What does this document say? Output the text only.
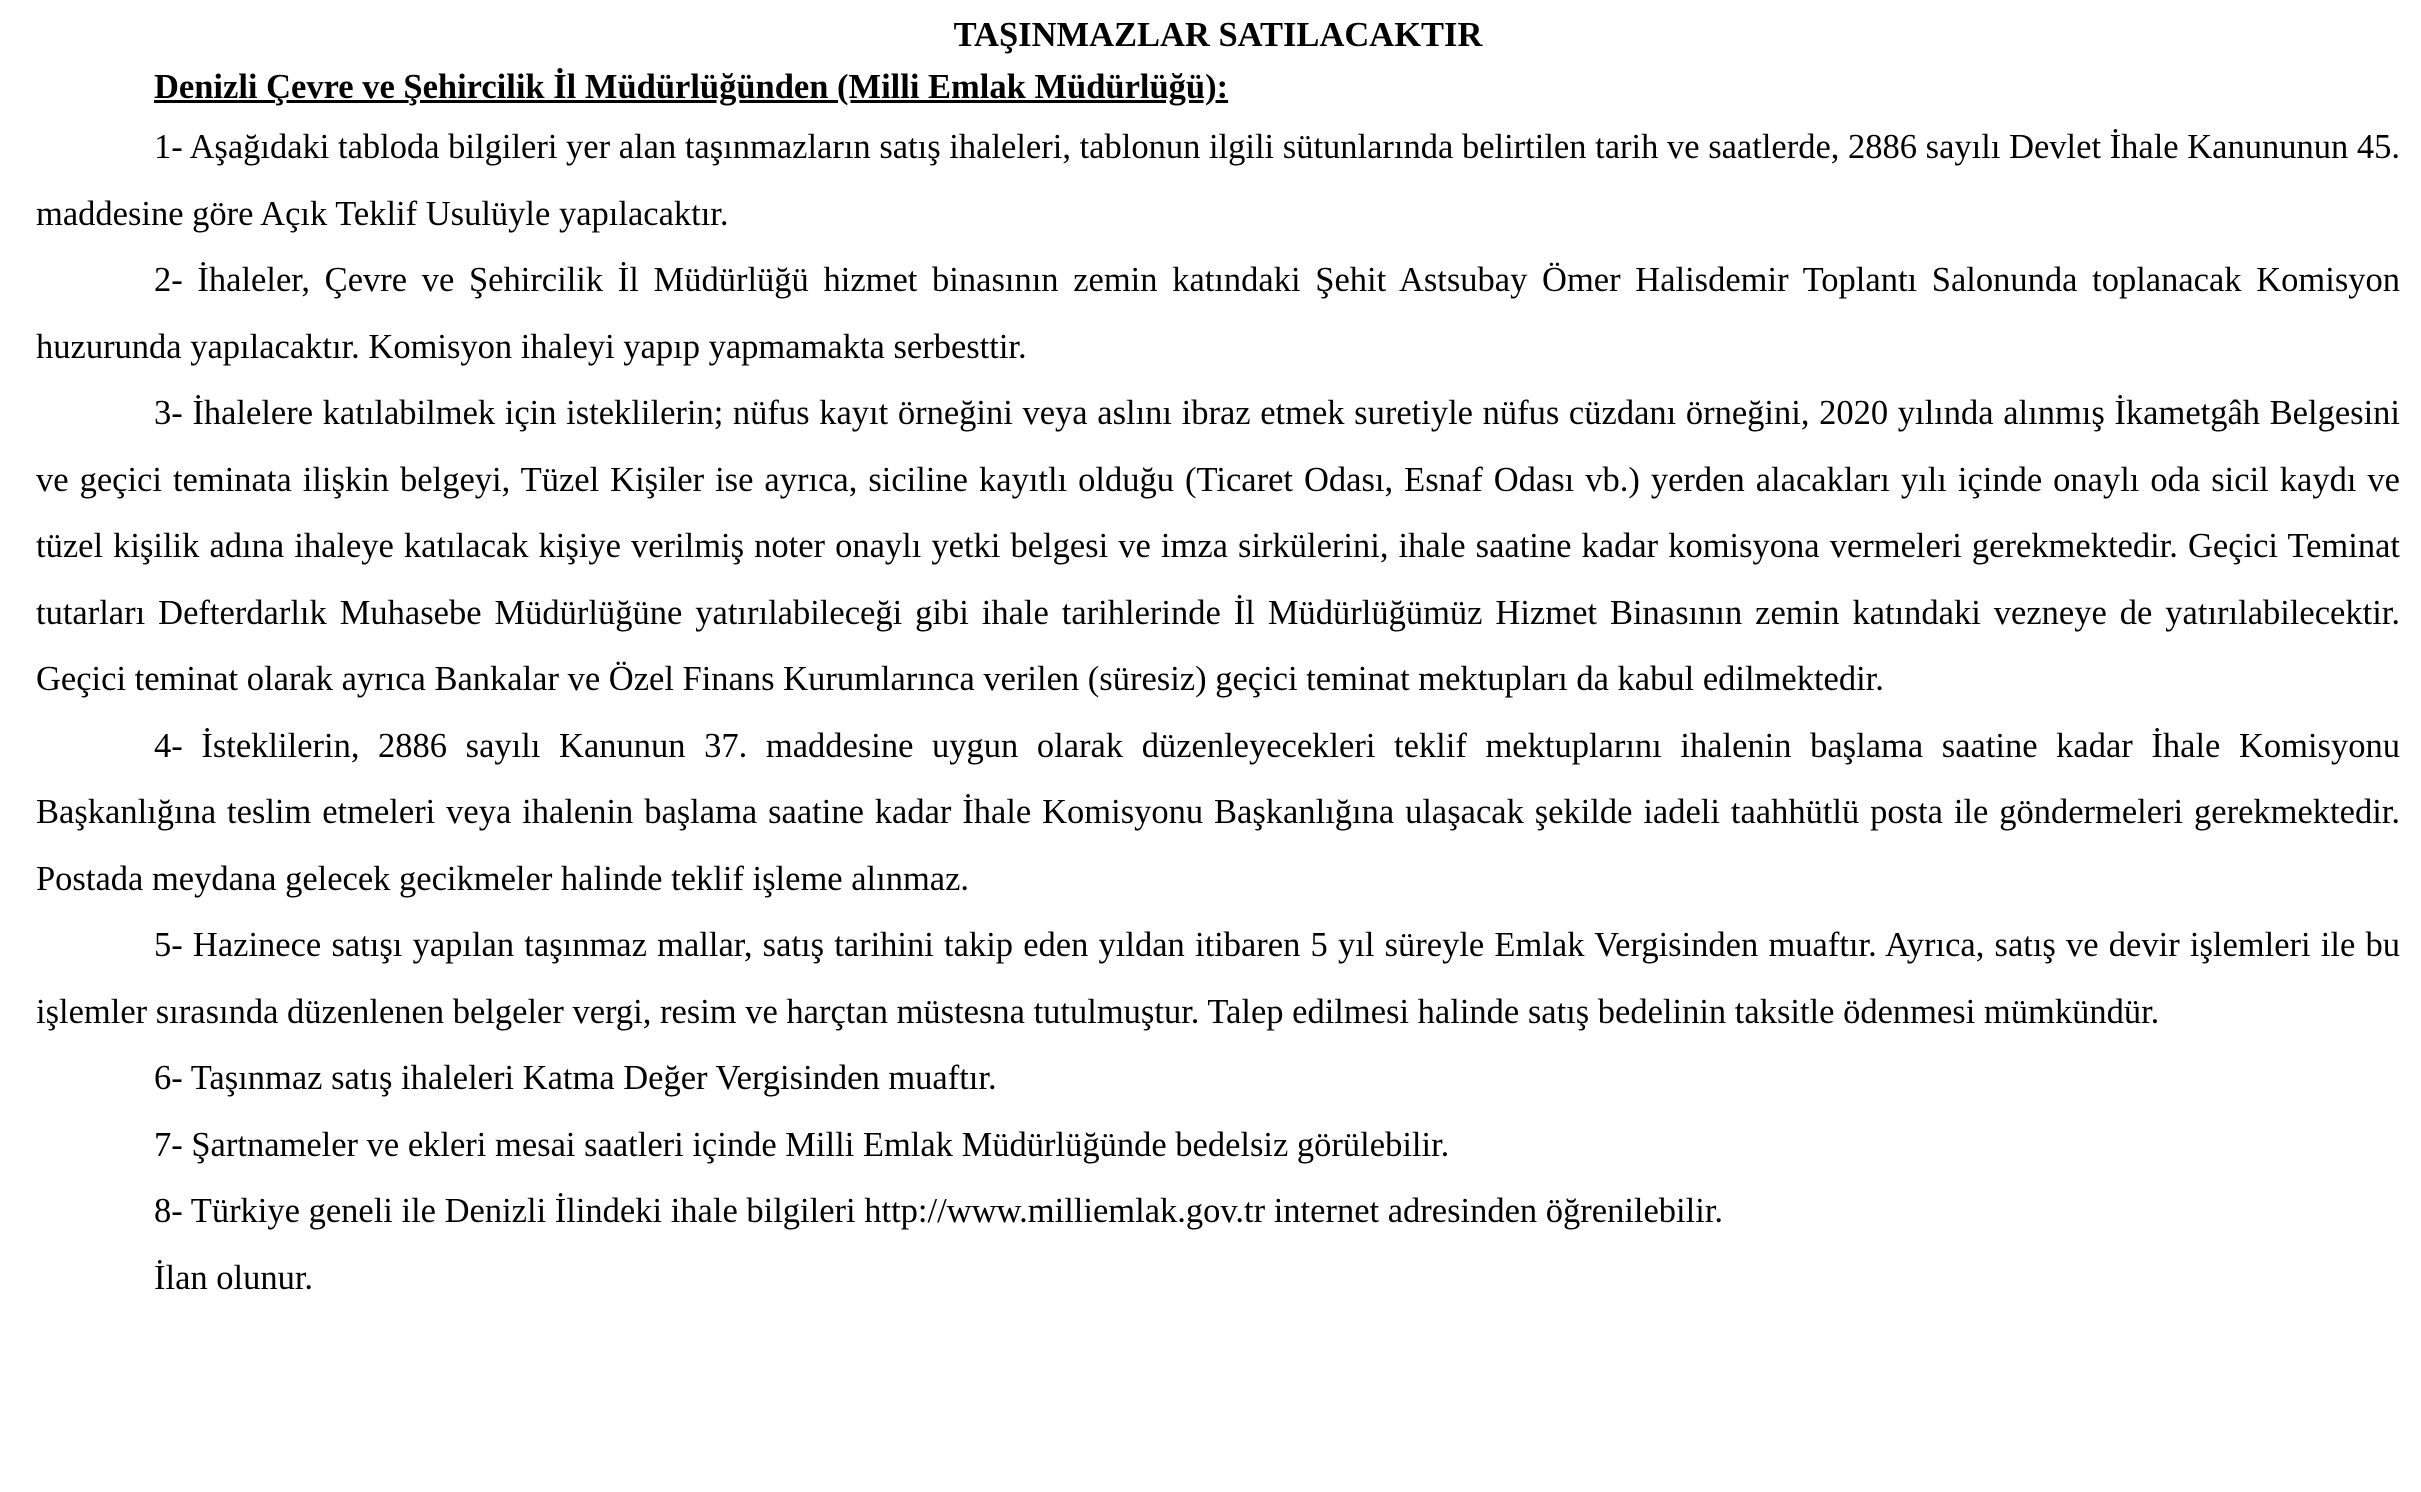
TAŞINMAZLAR SATILACAKTIR

Denizli Çevre ve Şehircilik İl Müdürlüğünden (Milli Emlak Müdürlüğü):

1- Aşağıdaki tabloda bilgileri yer alan taşınmazların satış ihaleleri, tablonun ilgili sütunlarında belirtilen tarih ve saatlerde, 2886 sayılı Devlet İhale Kanununun 45. maddesine göre Açık Teklif Usulüyle yapılacaktır.

2- İhaleler, Çevre ve Şehircilik İl Müdürlüğü hizmet binasının zemin katındaki Şehit Astsubay Ömer Halisdemir Toplantı Salonunda toplanacak Komisyon huzurunda yapılacaktır. Komisyon ihaleyi yapıp yapmamakta serbesttir.

3- İhalelere katılabilmek için isteklilerin; nüfus kayıt örneğini veya aslını ibraz etmek suretiyle nüfus cüzdanı örneğini, 2020 yılında alınmış İkametgâh Belgesini ve geçici teminata ilişkin belgeyi, Tüzel Kişiler ise ayrıca, siciline kayıtlı olduğu (Ticaret Odası, Esnaf Odası vb.) yerden alacakları yılı içinde onaylı oda sicil kaydı ve tüzel kişilik adına ihaleye katılacak kişiye verilmiş noter onaylı yetki belgesi ve imza sirkülerini, ihale saatine kadar komisyona vermeleri gerekmektedir. Geçici Teminat tutarları Defterdarlık Muhasebe Müdürlüğüne yatırılabileceği gibi ihale tarihlerinde İl Müdürlüğümüz Hizmet Binasının zemin katındaki vezneye de yatırılabilecektir. Geçici teminat olarak ayrıca Bankalar ve Özel Finans Kurumlarınca verilen (süresiz) geçici teminat mektupları da kabul edilmektedir.

4- İsteklilerin, 2886 sayılı Kanunun 37. maddesine uygun olarak düzenleyecekleri teklif mektuplarını ihalenin başlama saatine kadar İhale Komisyonu Başkanlığına teslim etmeleri veya ihalenin başlama saatine kadar İhale Komisyonu Başkanlığına ulaşacak şekilde iadeli taahhütlü posta ile göndermeleri gerekmektedir. Postada meydana gelecek gecikmeler halinde teklif işleme alınmaz.

5- Hazinece satışı yapılan taşınmaz mallar, satış tarihini takip eden yıldan itibaren 5 yıl süreyle Emlak Vergisinden muaftır. Ayrıca, satış ve devir işlemleri ile bu işlemler sırasında düzenlenen belgeler vergi, resim ve harçtan müstesna tutulmuştur. Talep edilmesi halinde satış bedelinin taksitle ödenmesi mümkündür.

6- Taşınmaz satış ihaleleri Katma Değer Vergisinden muaftır.

7- Şartnameler ve ekleri mesai saatleri içinde Milli Emlak Müdürlüğünde bedelsiz görülebilir.

8- Türkiye geneli ile Denizli İlindeki ihale bilgileri http://www.milliemlak.gov.tr internet adresinden öğrenilebilir.

İlan olunur.
